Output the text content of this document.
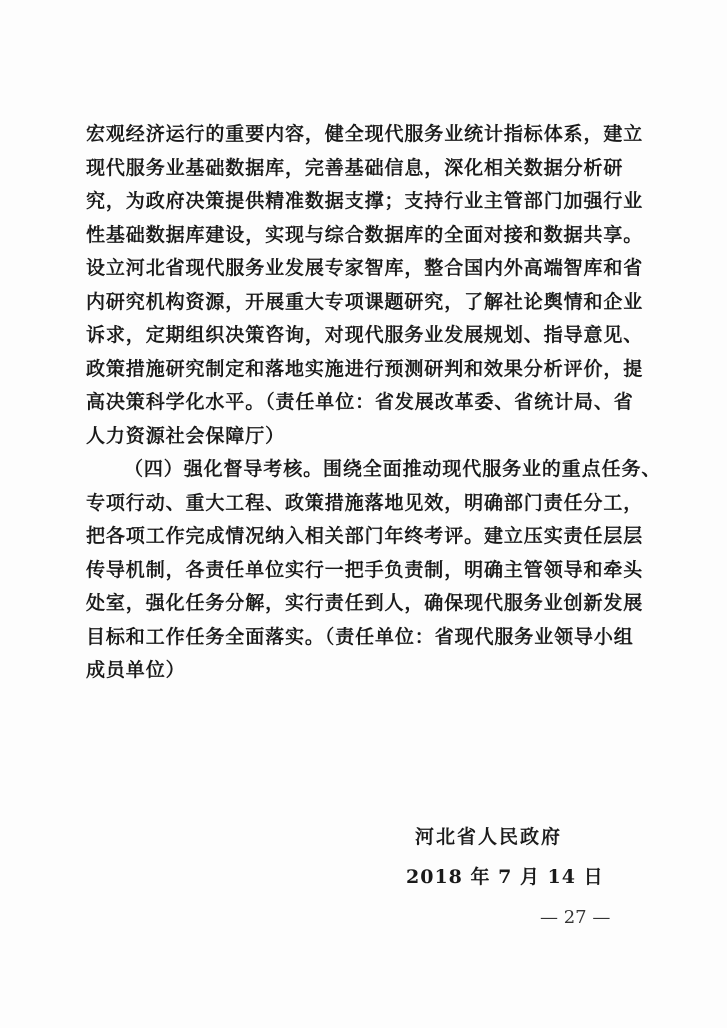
宏观经济运行的重要内容，健全现代服务业统计指标体系，建立
现代服务业基础数据库，完善基础信息，深化相关数据分析研
究，为政府决策提供精准数据支撑；支持行业主管部门加强行业
性基础数据库建设，实现与综合数据库的全面对接和数据共享。
设立河北省现代服务业发展专家智库，整合国内外高端智库和省
内研究机构资源，开展重大专项课题研究，了解社论舆情和企业
诉求，定期组织决策咨询，对现代服务业发展规划、指导意见、
政策措施研究制定和落地实施进行预测研判和效果分析评价，提
高决策科学化水平。（责任单位：省发展改革委、省统计局、省
人力资源社会保障厅）
（四）强化督导考核。围绕全面推动现代服务业的重点任务、
专项行动、重大工程、政策措施落地见效，明确部门责任分工，
把各项工作完成情况纳入相关部门年终考评。建立压实责任层层
传导机制，各责任单位实行一把手负责制，明确主管领导和牵头
处室，强化任务分解，实行责任到人，确保现代服务业创新发展
目标和工作任务全面落实。（责任单位：省现代服务业领导小组
成员单位）
河北省人民政府
2018 年 7 月 14 日
— 27 —
